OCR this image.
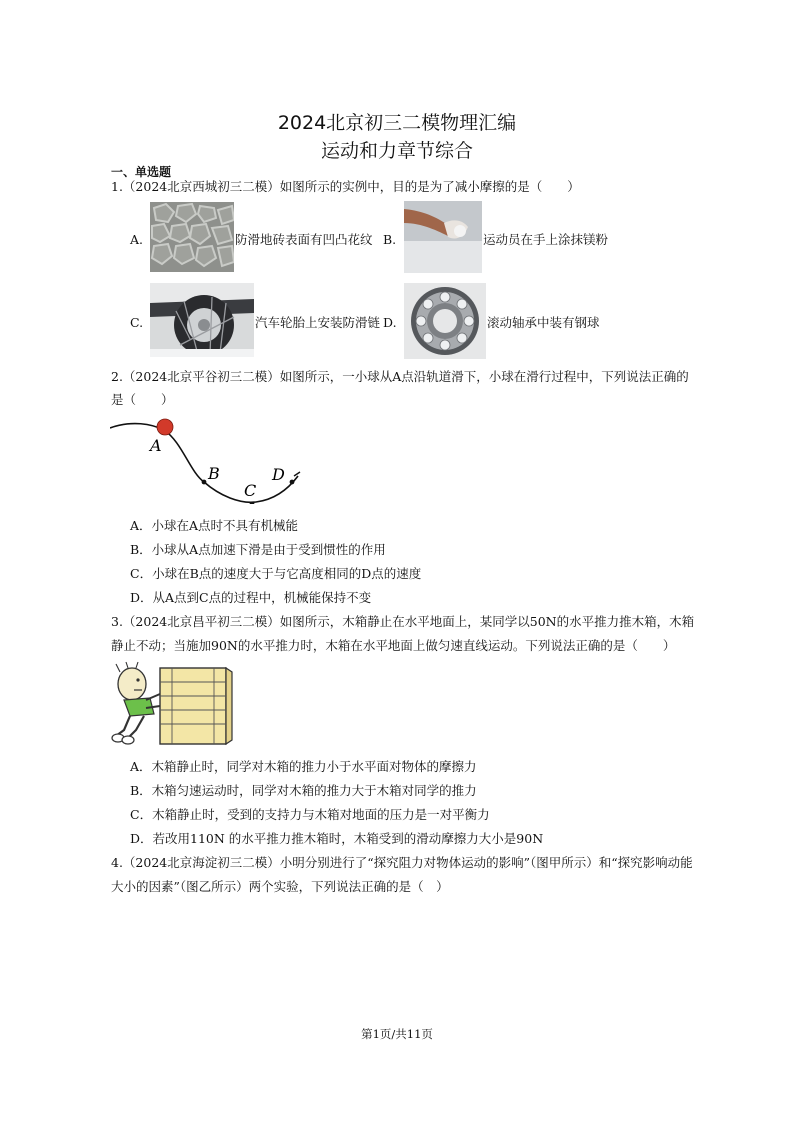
2024北京初三二模物理汇编
运动和力章节综合
一、单选题
1.（2024北京西城初三二模）如图所示的实例中，目的是为了减小摩擦的是（　　）
A.	防滑地砖表面有凹凸花纹 B.	运动员在手上涂抹镁粉
C.	汽车轮胎上安装防滑链 D.	滚动轴承中装有钢球
2.（2024北京平谷初三二模）如图所示，一小球从A点沿轨道滑下，小球在滑行过程中，下列说法正确的
是（　　）
A
B
C
D
A．小球在A点时不具有机械能
B．小球从A点加速下滑是由于受到惯性的作用
C．小球在B点的速度大于与它高度相同的D点的速度
D．从A点到C点的过程中，机械能保持不变
3.（2024北京昌平初三二模）如图所示，木箱静止在水平地面上，某同学以50N的水平推力推木箱，木箱
静止不动；当施加90N的水平推力时，木箱在水平地面上做匀速直线运动。下列说法正确的是（　　）
A．木箱静止时，同学对木箱的推力小于水平面对物体的摩擦力
B．木箱匀速运动时，同学对木箱的推力大于木箱对同学的推力
C．木箱静止时，受到的支持力与木箱对地面的压力是一对平衡力
D．若改用110N 的水平推力推木箱时，木箱受到的滑动摩擦力大小是90N
4.（2024北京海淀初三二模）小明分别进行了“探究阻力对物体运动的影响”（图甲所示）和“探究影响动能
大小的因素”（图乙所示）两个实验，下列说法正确的是（　）
第1页/共11页
